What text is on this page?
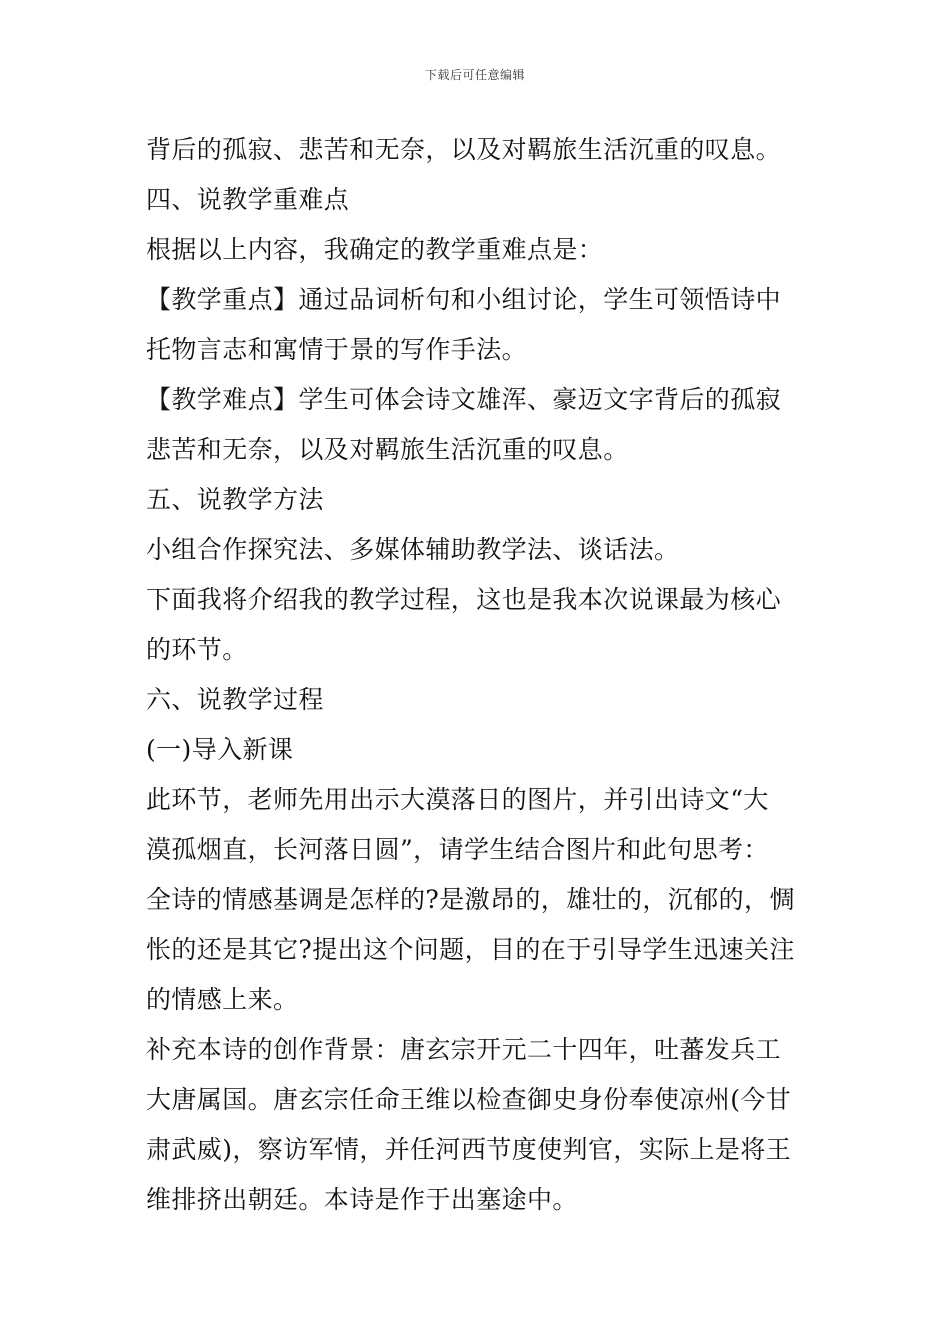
下载后可任意编辑
背后的孤寂、悲苦和无奈，以及对羁旅生活沉重的叹息。
四、说教学重难点
根据以上内容，我确定的教学重难点是：
【教学重点】通过品词析句和小组讨论，学生可领悟诗中
托物言志和寓情于景的写作手法。
【教学难点】学生可体会诗文雄浑、豪迈文字背后的孤寂
悲苦和无奈，以及对羁旅生活沉重的叹息。
五、说教学方法
小组合作探究法、多媒体辅助教学法、谈话法。
下面我将介绍我的教学过程，这也是我本次说课最为核心
的环节。
六、说教学过程
(一)导入新课
此环节，老师先用出示大漠落日的图片，并引出诗文“大
漠孤烟直，长河落日圆”，请学生结合图片和此句思考：
全诗的情感基调是怎样的?是激昂的，雄壮的，沉郁的，惆
怅的还是其它?提出这个问题，目的在于引导学生迅速关注
的情感上来。
补充本诗的创作背景：唐玄宗开元二十四年，吐蕃发兵工
大唐属国。唐玄宗任命王维以检查御史身份奉使凉州(今甘
肃武威)，察访军情，并任河西节度使判官，实际上是将王
维排挤出朝廷。本诗是作于出塞途中。
